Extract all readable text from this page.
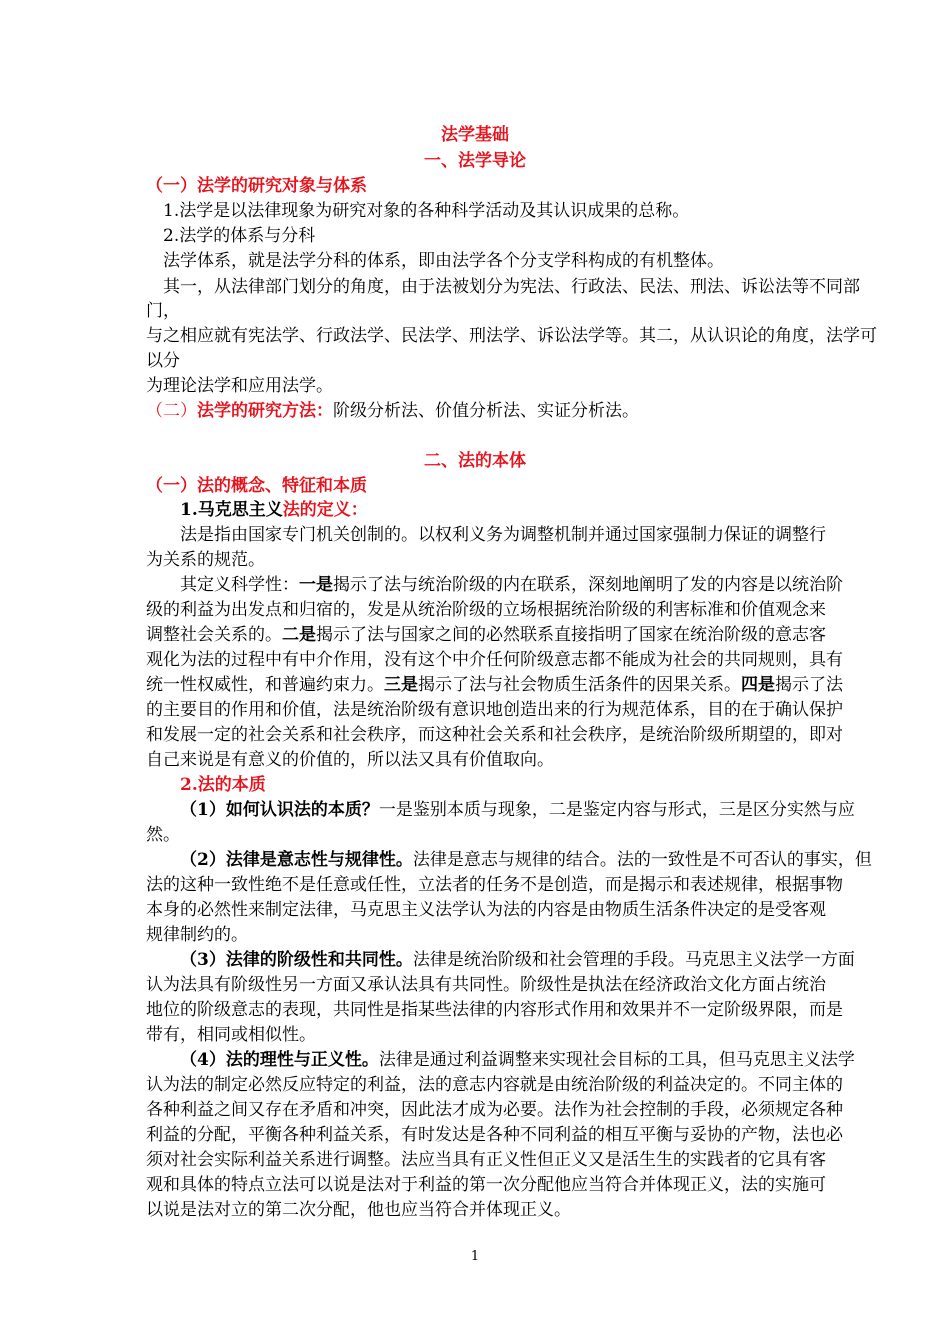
法学基础
一、法学导论
（一）法学的研究对象与体系
1.法学是以法律现象为研究对象的各种科学活动及其认识成果的总称。
2.法学的体系与分科
法学体系，就是法学分科的体系，即由法学各个分支学科构成的有机整体。
其一，从法律部门划分的角度，由于法被划分为宪法、行政法、民法、刑法、诉讼法等不同部
门，
与之相应就有宪法学、行政法学、民法学、刑法学、诉讼法学等。其二，从认识论的角度，法学可
以分
为理论法学和应用法学。
（二）法学的研究方法：阶级分析法、价值分析法、实证分析法。
二、法的本体
（一）法的概念、特征和本质
1.马克思主义法的定义：
法是指由国家专门机关创制的。以权利义务为调整机制并通过国家强制力保证的调整行
为关系的规范。
其定义科学性：一是揭示了法与统治阶级的内在联系，深刻地阐明了发的内容是以统治阶
级的利益为出发点和归宿的，发是从统治阶级的立场根据统治阶级的利害标准和价值观念来
调整社会关系的。二是揭示了法与国家之间的必然联系直接指明了国家在统治阶级的意志客
观化为法的过程中有中介作用，没有这个中介任何阶级意志都不能成为社会的共同规则，具有
统一性权威性，和普遍约束力。三是揭示了法与社会物质生活条件的因果关系。四是揭示了法
的主要目的作用和价值，法是统治阶级有意识地创造出来的行为规范体系，目的在于确认保护
和发展一定的社会关系和社会秩序，而这种社会关系和社会秩序，是统治阶级所期望的，即对
自己来说是有意义的价值的，所以法又具有价值取向。
2.法的本质
（1）如何认识法的本质？一是鉴别本质与现象，二是鉴定内容与形式，三是区分实然与应
然。
（2）法律是意志性与规律性。法律是意志与规律的结合。法的一致性是不可否认的事实，但
法的这种一致性绝不是任意或任性，立法者的任务不是创造，而是揭示和表述规律，根据事物
本身的必然性来制定法律，马克思主义法学认为法的内容是由物质生活条件决定的是受客观
规律制约的。
（3）法律的阶级性和共同性。法律是统治阶级和社会管理的手段。马克思主义法学一方面
认为法具有阶级性另一方面又承认法具有共同性。阶级性是执法在经济政治文化方面占统治
地位的阶级意志的表现，共同性是指某些法律的内容形式作用和效果并不一定阶级界限，而是
带有，相同或相似性。
（4）法的理性与正义性。法律是通过利益调整来实现社会目标的工具，但马克思主义法学
认为法的制定必然反应特定的利益，法的意志内容就是由统治阶级的利益决定的。不同主体的
各种利益之间又存在矛盾和冲突，因此法才成为必要。法作为社会控制的手段，必须规定各种
利益的分配，平衡各种利益关系，有时发达是各种不同利益的相互平衡与妥协的产物，法也必
须对社会实际利益关系进行调整。法应当具有正义性但正义又是活生生的实践者的它具有客
观和具体的特点立法可以说是法对于利益的第一次分配他应当符合并体现正义，法的实施可
以说是法对立的第二次分配，他也应当符合并体现正义。
1
